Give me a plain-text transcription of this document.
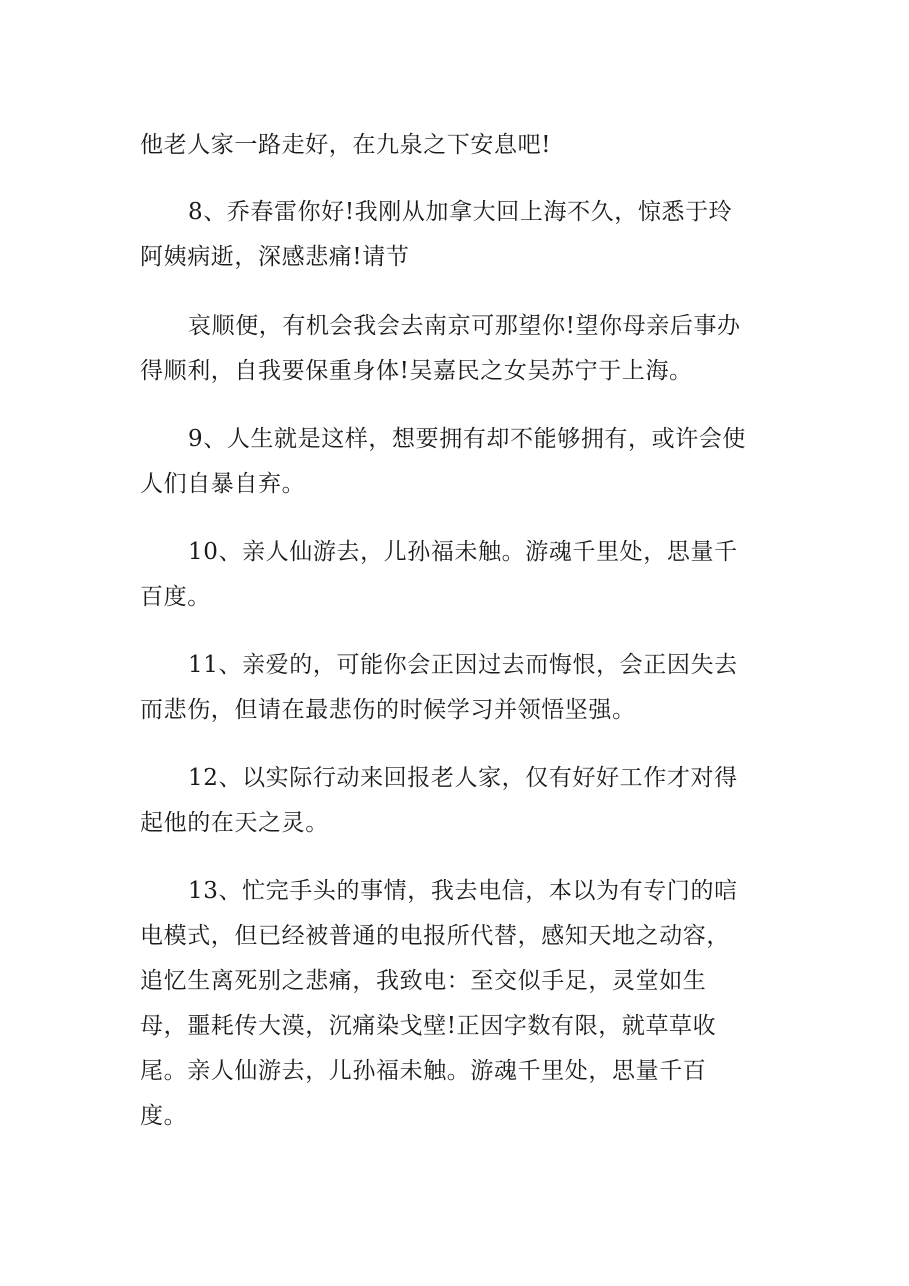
他老人家一路走好，在九泉之下安息吧!
8、乔春雷你好!我刚从加拿大回上海不久，惊悉于玲
阿姨病逝，深感悲痛!请节
哀顺便，有机会我会去南京可那望你!望你母亲后事办
得顺利，自我要保重身体!吴嘉民之女吴苏宁于上海。
9、人生就是这样，想要拥有却不能够拥有，或许会使
人们自暴自弃。
10、亲人仙游去，儿孙福未触。游魂千里处，思量千
百度。
11、亲爱的，可能你会正因过去而悔恨，会正因失去
而悲伤，但请在最悲伤的时候学习并领悟坚强。
12、以实际行动来回报老人家，仅有好好工作才对得
起他的在天之灵。
13、忙完手头的事情，我去电信，本以为有专门的唁
电模式，但已经被普通的电报所代替，感知天地之动容，
追忆生离死别之悲痛，我致电：至交似手足，灵堂如生
母，噩耗传大漠，沉痛染戈壁!正因字数有限，就草草收
尾。亲人仙游去，儿孙福未触。游魂千里处，思量千百
度。
